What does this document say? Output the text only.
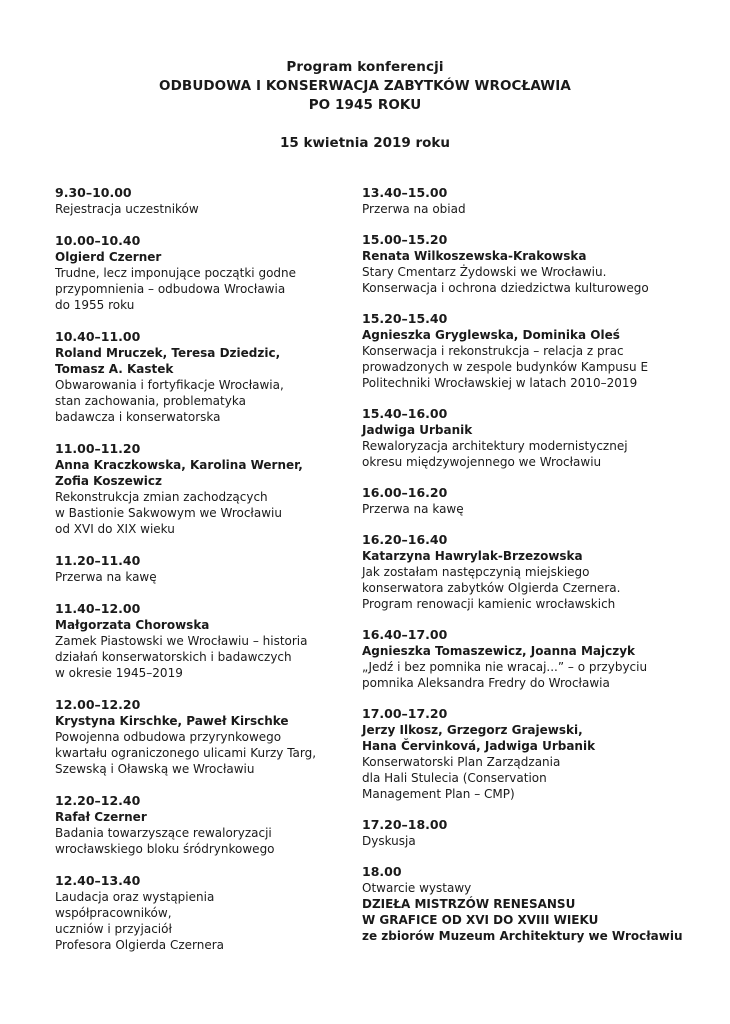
Program konferencji
ODBUDOWA I KONSERWACJA ZABYTKÓW WROCŁAWIA
PO 1945 ROKU
15 kwietnia 2019 roku
9.30–10.00
Rejestracja uczestników
10.00–10.40
Olgierd Czerner
Trudne, lecz imponujące początki godne
przypomnienia – odbudowa Wrocławia
do 1955 roku
10.40–11.00
Roland Mruczek, Teresa Dziedzic,
Tomasz A. Kastek
Obwarowania i fortyfikacje Wrocławia,
stan zachowania, problematyka
badawcza i konserwatorska
11.00–11.20
Anna Kraczkowska, Karolina Werner,
Zofia Koszewicz
Rekonstrukcja zmian zachodzących
w Bastionie Sakwowym we Wrocławiu
od XVI do XIX wieku
11.20–11.40
Przerwa na kawę
11.40–12.00
Małgorzata Chorowska
Zamek Piastowski we Wrocławiu – historia
działań konserwatorskich i badawczych
w okresie 1945–2019
12.00–12.20
Krystyna Kirschke, Paweł Kirschke
Powojenna odbudowa przyrynkowego
kwartału ograniczonego ulicami Kurzy Targ,
Szewską i Oławską we Wrocławiu
12.20–12.40
Rafał Czerner
Badania towarzyszące rewaloryzacji
wrocławskiego bloku śródrynkowego
12.40–13.40
Laudacja oraz wystąpienia
współpracowników,
uczniów i przyjaciół
Profesora Olgierda Czernera
13.40–15.00
Przerwa na obiad
15.00–15.20
Renata Wilkoszewska-Krakowska
Stary Cmentarz Żydowski we Wrocławiu.
Konserwacja i ochrona dziedzictwa kulturowego
15.20–15.40
Agnieszka Gryglewska, Dominika Oleś
Konserwacja i rekonstrukcja – relacja z prac
prowadzonych w zespole budynków Kampusu E
Politechniki Wrocławskiej w latach 2010–2019
15.40–16.00
Jadwiga Urbanik
Rewaloryzacja architektury modernistycznej
okresu międzywojennego we Wrocławiu
16.00–16.20
Przerwa na kawę
16.20–16.40
Katarzyna Hawrylak-Brzezowska
Jak zostałam następczynią miejskiego
konserwatora zabytków Olgierda Czernera.
Program renowacji kamienic wrocławskich
16.40–17.00
Agnieszka Tomaszewicz, Joanna Majczyk
„Jedź i bez pomnika nie wracaj...” – o przybyciu
pomnika Aleksandra Fredry do Wrocławia
17.00–17.20
Jerzy Ilkosz, Grzegorz Grajewski,
Hana Červinková, Jadwiga Urbanik
Konserwatorski Plan Zarządzania
dla Hali Stulecia (Conservation
Management Plan – CMP)
17.20–18.00
Dyskusja
18.00
Otwarcie wystawy
DZIEŁA MISTRZÓW RENESANSU
W GRAFICE OD XVI DO XVIII WIEKU
ze zbiorów Muzeum Architektury we Wrocławiu
